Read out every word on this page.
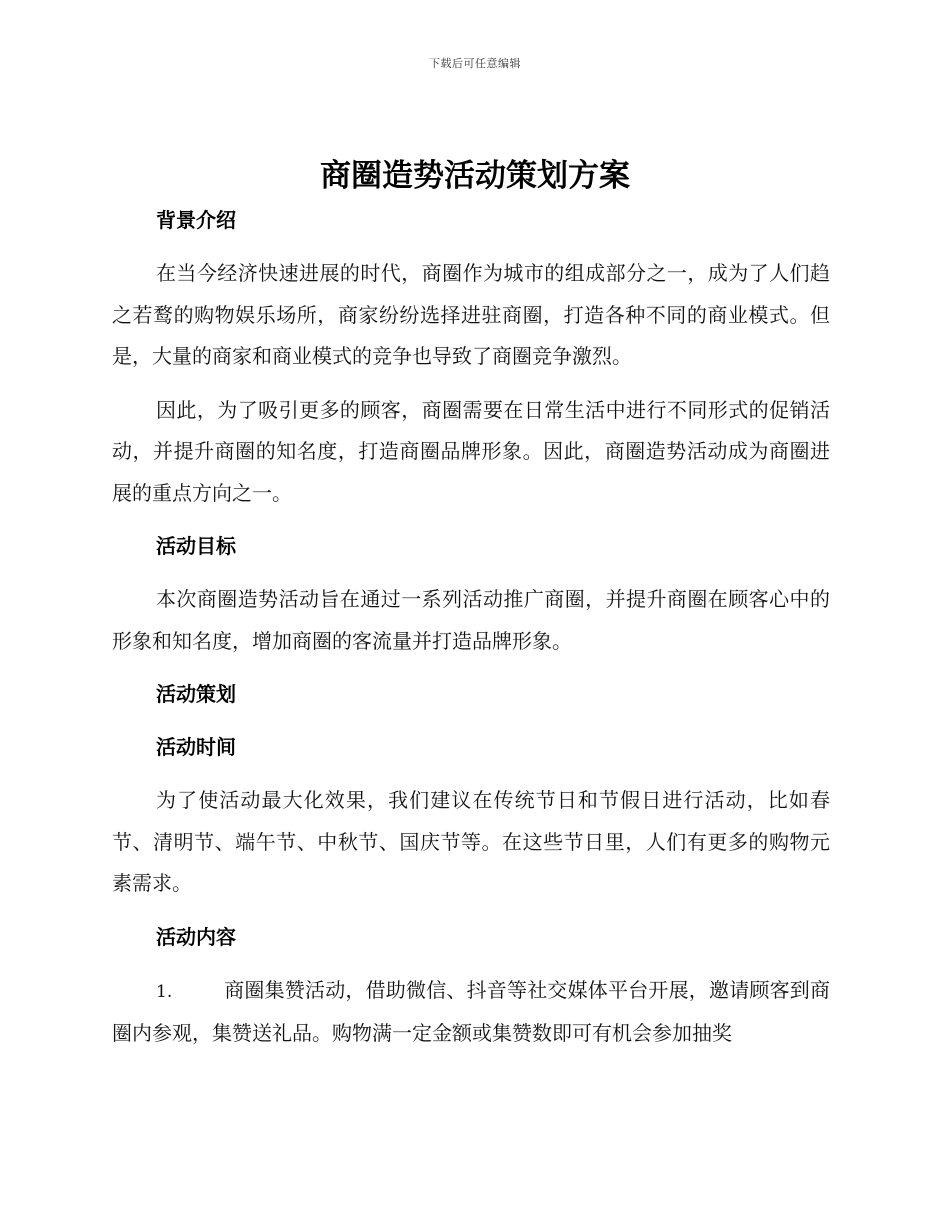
下载后可任意编辑
商圈造势活动策划方案
背景介绍

在当今经济快速进展的时代，商圈作为城市的组成部分之一，成为了人们趋之若鹜的购物娱乐场所，商家纷纷选择进驻商圈，打造各种不同的商业模式。但是，大量的商家和商业模式的竞争也导致了商圈竞争激烈。

因此，为了吸引更多的顾客，商圈需要在日常生活中进行不同形式的促销活动，并提升商圈的知名度，打造商圈品牌形象。因此，商圈造势活动成为商圈进展的重点方向之一。

活动目标

本次商圈造势活动旨在通过一系列活动推广商圈，并提升商圈在顾客心中的形象和知名度，增加商圈的客流量并打造品牌形象。

活动策划
活动时间

为了使活动最大化效果，我们建议在传统节日和节假日进行活动，比如春节、清明节、端午节、中秋节、国庆节等。在这些节日里，人们有更多的购物元素需求。

活动内容

1.	商圈集赞活动，借助微信、抖音等社交媒体平台开展，邀请顾客到商圈内参观，集赞送礼品。购物满一定金额或集赞数即可有机会参加抽奖
